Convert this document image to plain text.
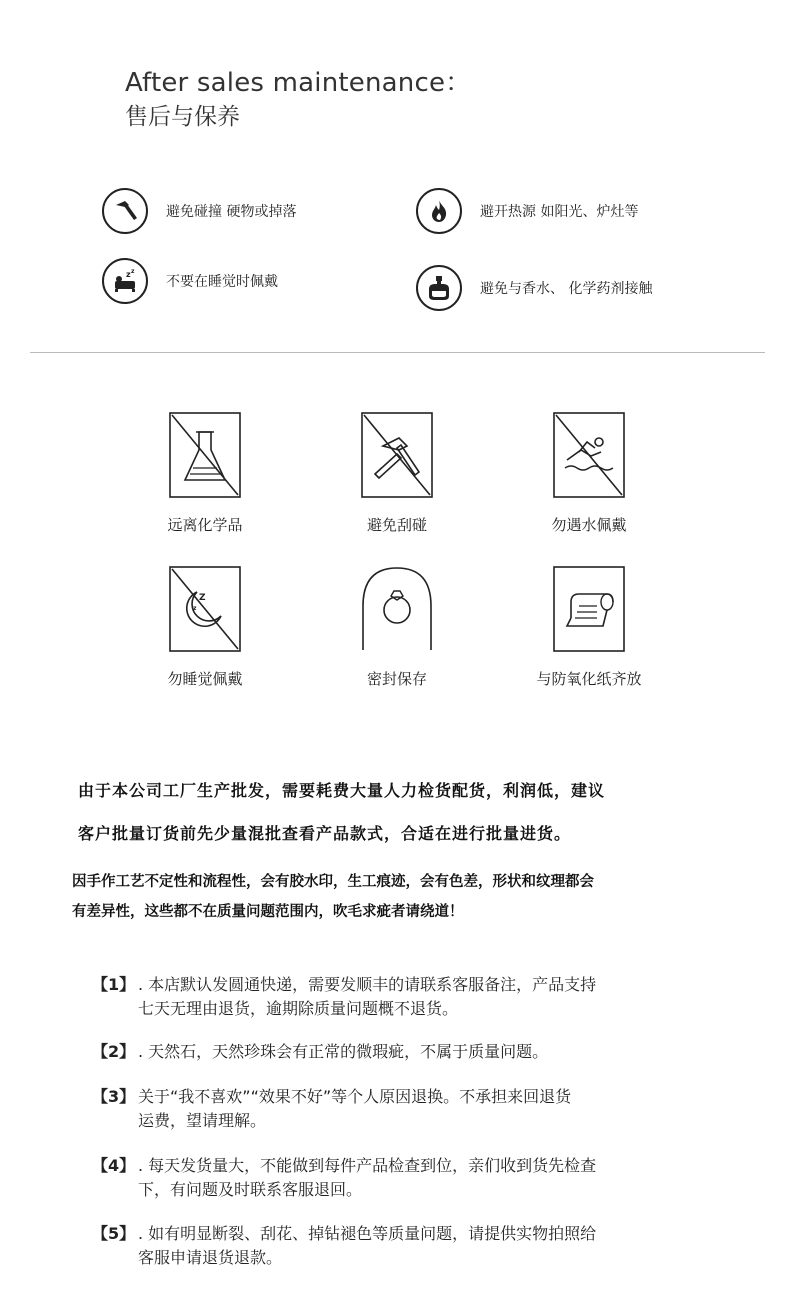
After sales maintenance：
售后与保养
避免碰撞 硬物或掉落	避开热源 如阳光、炉灶等
z z
不要在睡觉时佩戴	避免与香水、 化学药剂接触
远离化学品	避免刮碰	勿遇水佩戴
Z
z
勿睡觉佩戴	密封保存	与防氧化纸齐放
由于本公司工厂生产批发，需要耗费大量人力检货配货，利润低，建议
客户批量订货前先少量混批查看产品款式，合适在进行批量进货。
因手作工艺不定性和流程性，会有胶水印，生工痕迹，会有色差，形状和纹理都会
有差异性，这些都不在质量问题范围内，吹毛求疵者请绕道！
【1】 . 本店默认发圆通快递，需要发顺丰的请联系客服备注，产品支持
七天无理由退货，逾期除质量问题概不退货。
【2】 . 天然石，天然珍珠会有正常的微瑕疵，不属于质量问题。
【3】 关于“我不喜欢”“效果不好”等个人原因退换。不承担来回退货
运费，望请理解。
【4】 . 每天发货量大，不能做到每件产品检查到位，亲们收到货先检查
下，有问题及时联系客服退回。
【5】 . 如有明显断裂、刮花、掉钻褪色等质量问题，请提供实物拍照给
客服申请退货退款。
